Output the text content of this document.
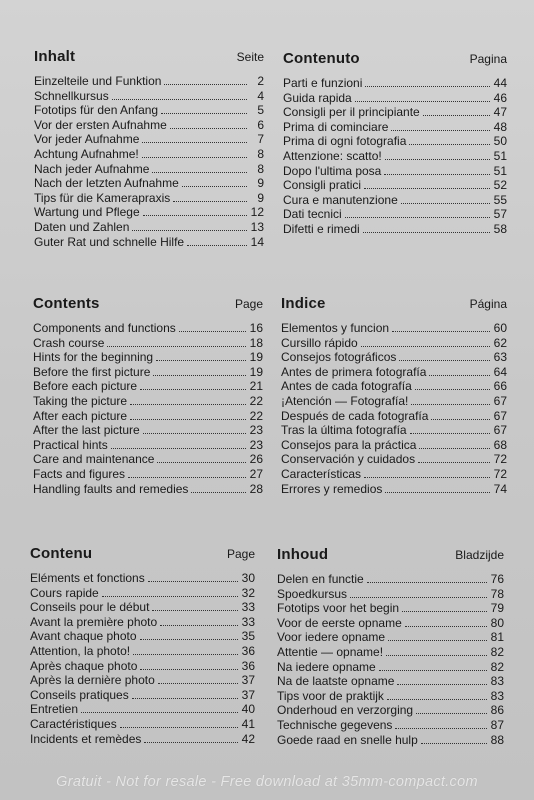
Inhalt	Seite
Einzelteile und Funktion	2
Schnellkursus	4
Fototips für den Anfang	5
Vor der ersten Aufnahme	6
Vor jeder Aufnahme	7
Achtung Aufnahme!	8
Nach jeder Aufnahme	8
Nach der letzten Aufnahme	9
Tips für die Kamerapraxis	9
Wartung und Pflege	12
Daten und Zahlen	13
Guter Rat und schnelle Hilfe	14
Contenuto	Pagina
Parti e funzioni	44
Guida rapida	46
Consigli per il principiante	47
Prima di cominciare	48
Prima di ogni fotografia	50
Attenzione: scatto!	51
Dopo l'ultima posa	51
Consigli pratici	52
Cura e manutenzione	55
Dati tecnici	57
Difetti e rimedi	58
Contents	Page
Components and functions	16
Crash course	18
Hints for the beginning	19
Before the first picture	19
Before each picture	21
Taking the picture	22
After each picture	22
After the last picture	23
Practical hints	23
Care and maintenance	26
Facts and figures	27
Handling faults and remedies	28
Indice	Página
Elementos y funcion	60
Cursillo rápido	62
Consejos fotográficos	63
Antes de primera fotografía	64
Antes de cada fotografía	66
¡Atención — Fotografía!	67
Después de cada fotografía	67
Tras la última fotografía	67
Consejos para la práctica	68
Conservación y cuidados	72
Características	72
Errores y remedios	74
Contenu	Page
Eléments et fonctions	30
Cours rapide	32
Conseils pour le début	33
Avant la première photo	33
Avant chaque photo	35
Attention, la photo!	36
Après chaque photo	36
Après la dernière photo	37
Conseils pratiques	37
Entretien	40
Caractéristiques	41
Incidents et remèdes	42
Inhoud	Bladzijde
Delen en functie	76
Spoedkursus	78
Fototips voor het begin	79
Voor de eerste opname	80
Voor iedere opname	81
Attentie — opname!	82
Na iedere opname	82
Na de laatste opname	83
Tips voor de praktijk	83
Onderhoud en verzorging	86
Technische gegevens	87
Goede raad en snelle hulp	88
Gratuit - Not for resale - Free download at 35mm-compact.com
